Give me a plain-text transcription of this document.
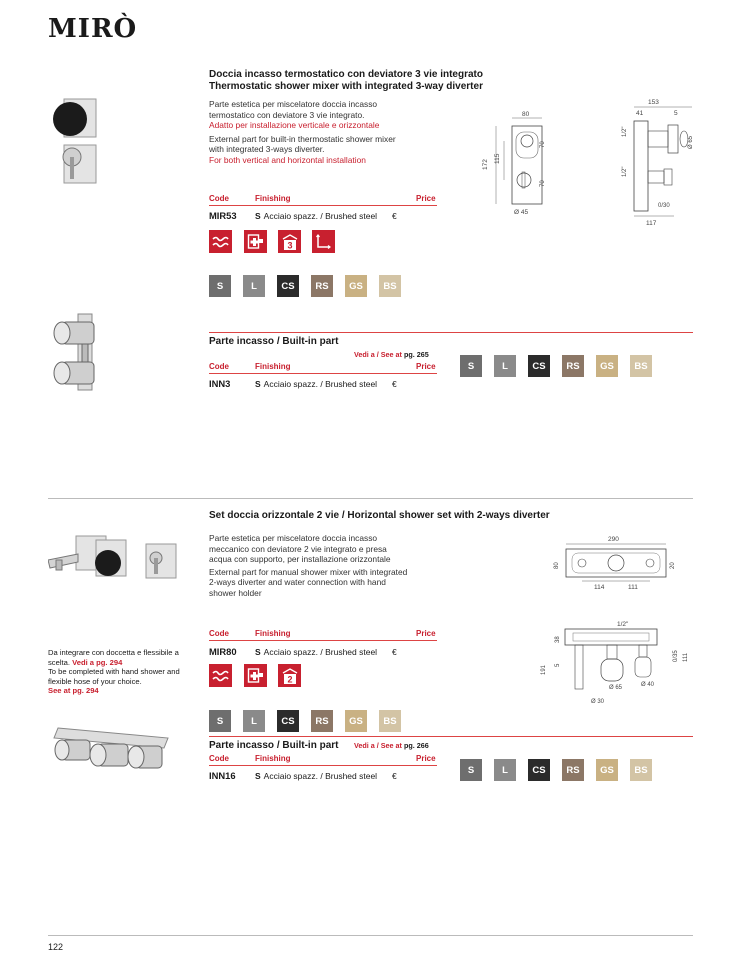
MIRÒ
Doccia incasso termostatico con deviatore 3 vie integrato
Thermostatic shower mixer with integrated 3-way diverter
Parte estetica per miscelatore doccia incasso
termostatico con deviatore 3 vie integrato.
Adatto per installazione verticale e orizzontale
External part for built-in thermostatic shower mixer
with integrated 3-ways diverter.
For both vertical and horizontal installation
Code	Finishing	Price
MIR53 S Acciaio spazz. / Brushed steel €
3
S	L	CS	RS	GS	BS
80
172
115
70
70
Ø 45
153
41	5
Ø 65
1/2"
1/2"
0/30
117
Parte incasso / Built-in part
Vedi a / See at pg. 265
Code	Finishing	Price
INN3	S Acciaio spazz. / Brushed steel €
S	L	CS	RS	GS	BS
Set doccia orizzontale 2 vie / Horizontal shower set with 2-ways diverter
Parte estetica per miscelatore doccia incasso
meccanico con deviatore 2 vie integrato e presa
acqua con supporto, per installazione orizzontale
External part for manual shower mixer with integrated
2-ways diverter and water connection with hand
shower holder
290
80	20
114	111
Code	Finishing	Price
MIR80 S Acciaio spazz. / Brushed steel €
Da integrare con doccetta e flessibile a
scelta. Vedi a pg. 294
To be completed with hand shower and
flexible hose of your choice.
See at pg. 294
2
1/2"
38
191 5
0/35 111
Ø 65	Ø 40
Ø 30
S	L	CS	RS	GS	BS
Parte incasso / Built-in part Vedi a / See at pg. 266
Code	Finishing	Price
INN16 S Acciaio spazz. / Brushed steel €
S	L	CS	RS	GS	BS
122
